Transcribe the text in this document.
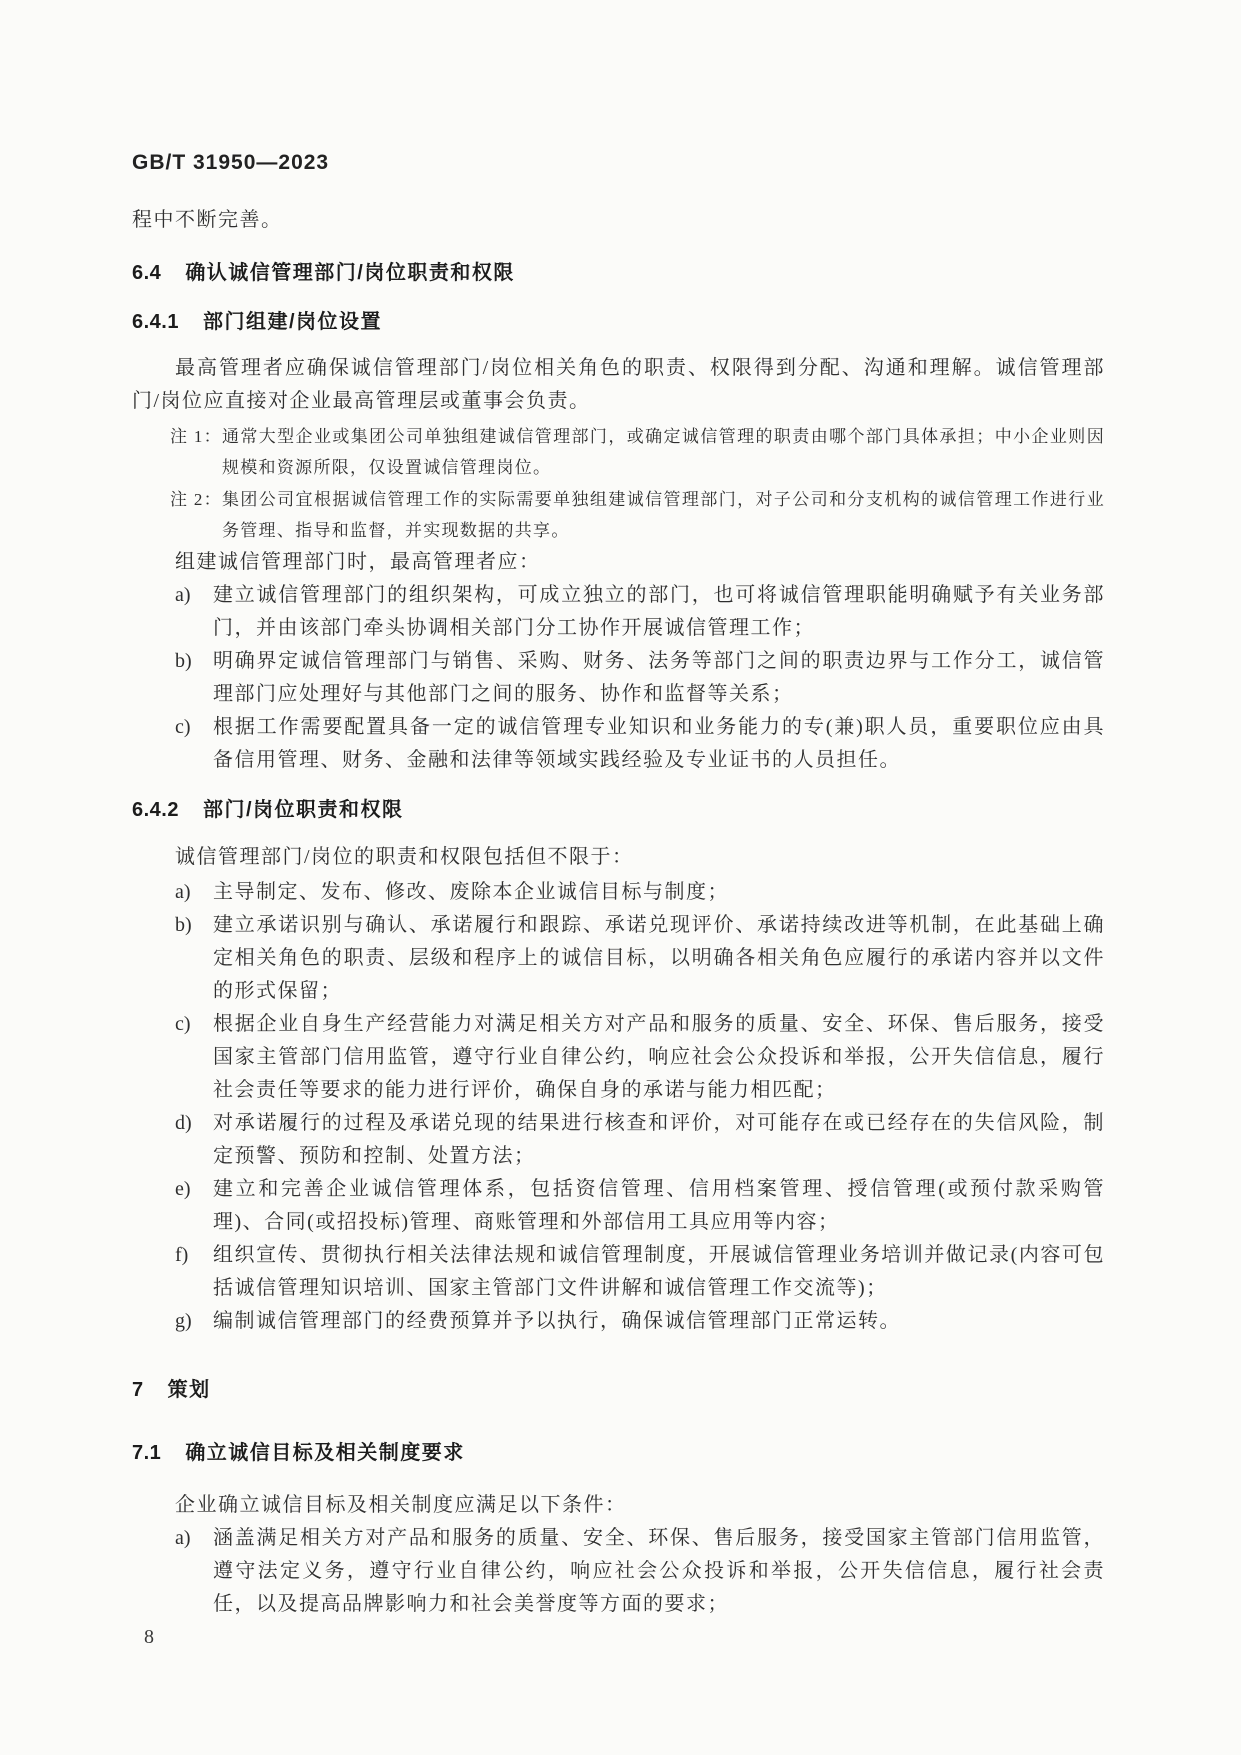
GB/T 31950—2023

程中不断完善。

6.4 确认诚信管理部门/岗位职责和权限
6.4.1 部门组建/岗位设置

最高管理者应确保诚信管理部门/岗位相关角色的职责、权限得到分配、沟通和理解。诚信管理部门/岗位应直接对企业最高管理层或董事会负责。

注 1： 通常大型企业或集团公司单独组建诚信管理部门，或确定诚信管理的职责由哪个部门具体承担；中小企业则因规模和资源所限，仅设置诚信管理岗位。
注 2： 集团公司宜根据诚信管理工作的实际需要单独组建诚信管理部门，对子公司和分支机构的诚信管理工作进行业务管理、指导和监督，并实现数据的共享。

组建诚信管理部门时，最高管理者应：

a)	建立诚信管理部门的组织架构，可成立独立的部门，也可将诚信管理职能明确赋予有关业务部门，并由该部门牵头协调相关部门分工协作开展诚信管理工作；
b)	明确界定诚信管理部门与销售、采购、财务、法务等部门之间的职责边界与工作分工，诚信管理部门应处理好与其他部门之间的服务、协作和监督等关系；
c)	根据工作需要配置具备一定的诚信管理专业知识和业务能力的专(兼)职人员，重要职位应由具备信用管理、财务、金融和法律等领域实践经验及专业证书的人员担任。
6.4.2 部门/岗位职责和权限

诚信管理部门/岗位的职责和权限包括但不限于：

a)	主导制定、发布、修改、废除本企业诚信目标与制度；
b)	建立承诺识别与确认、承诺履行和跟踪、承诺兑现评价、承诺持续改进等机制，在此基础上确定相关角色的职责、层级和程序上的诚信目标，以明确各相关角色应履行的承诺内容并以文件的形式保留；
c)	根据企业自身生产经营能力对满足相关方对产品和服务的质量、安全、环保、售后服务，接受国家主管部门信用监管，遵守行业自律公约，响应社会公众投诉和举报，公开失信信息，履行社会责任等要求的能力进行评价，确保自身的承诺与能力相匹配；
d)	对承诺履行的过程及承诺兑现的结果进行核查和评价，对可能存在或已经存在的失信风险，制定预警、预防和控制、处置方法；
e)	建立和完善企业诚信管理体系，包括资信管理、信用档案管理、授信管理(或预付款采购管理)、合同(或招投标)管理、商账管理和外部信用工具应用等内容；
f)	组织宣传、贯彻执行相关法律法规和诚信管理制度，开展诚信管理业务培训并做记录(内容可包括诚信管理知识培训、国家主管部门文件讲解和诚信管理工作交流等)；
g)	编制诚信管理部门的经费预算并予以执行，确保诚信管理部门正常运转。
7 策划
7.1 确立诚信目标及相关制度要求

企业确立诚信目标及相关制度应满足以下条件：

a)	涵盖满足相关方对产品和服务的质量、安全、环保、售后服务，接受国家主管部门信用监管，遵守法定义务，遵守行业自律公约，响应社会公众投诉和举报，公开失信信息，履行社会责任，以及提高品牌影响力和社会美誉度等方面的要求；
8
